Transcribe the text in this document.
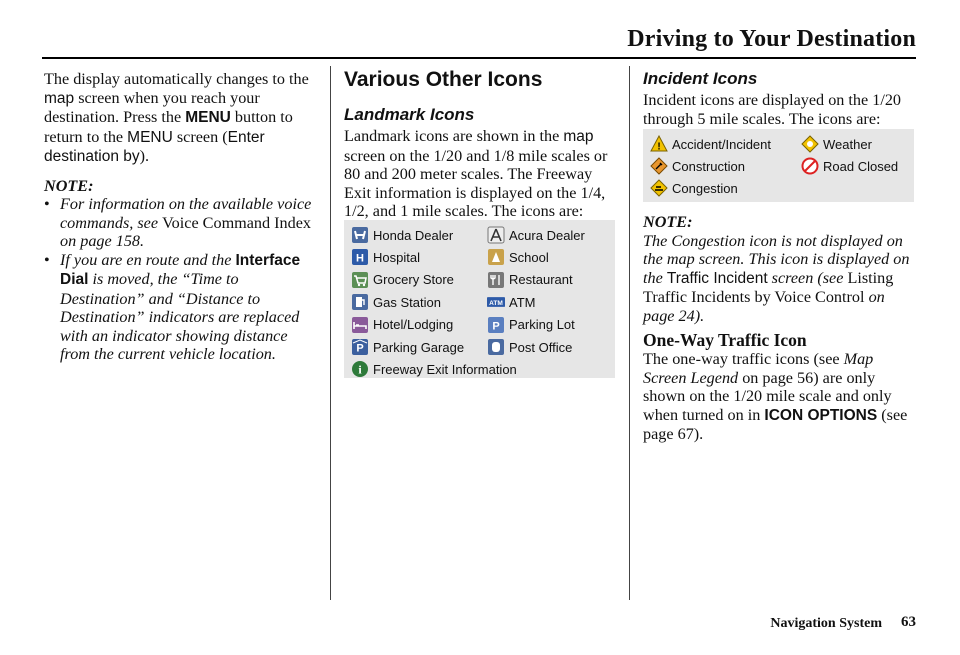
Driving to Your Destination

The display automatically changes to the map screen when you reach your destination. Press the MENU button to return to the MENU screen (Enter destination by).

NOTE:

• For information on the available voice commands, see Voice Command Index on page 158.
• If you are en route and the Interface Dial is moved, the “Time to Destination” and “Distance to Destination” indicators are replaced with an indicator showing distance from the current vehicle location.
Various Other Icons
Landmark Icons
Landmark icons are shown in the map screen on the 1/20 and 1/8 mile scales or 80 and 200 meter scales. The Freeway Exit information is displayed on the 1/4, 1/2, and 1 mile scales. The icons are:
Honda Dealer	Acura Dealer
H Hospital	School
Grocery Store	Restaurant
Gas Station	ATM ATM
Hotel/Lodging	P Parking Lot
P Parking Garage	Post Office
i Freeway Exit Information
Incident Icons
Incident icons are displayed on the 1/20 through 5 mile scales. The icons are:
! Accident/Incident	Weather
Construction	Road Closed
Congestion

NOTE:

The Congestion icon is not displayed on the map screen. This icon is displayed on the Traffic Incident screen (see Listing Traffic Incidents by Voice Control on page 24).

One-Way Traffic Icon
The one-way traffic icons (see Map Screen Legend on page 56) are only shown on the 1/20 mile scale and only when turned on in ICON OPTIONS (see page 67).
Navigation System 63
